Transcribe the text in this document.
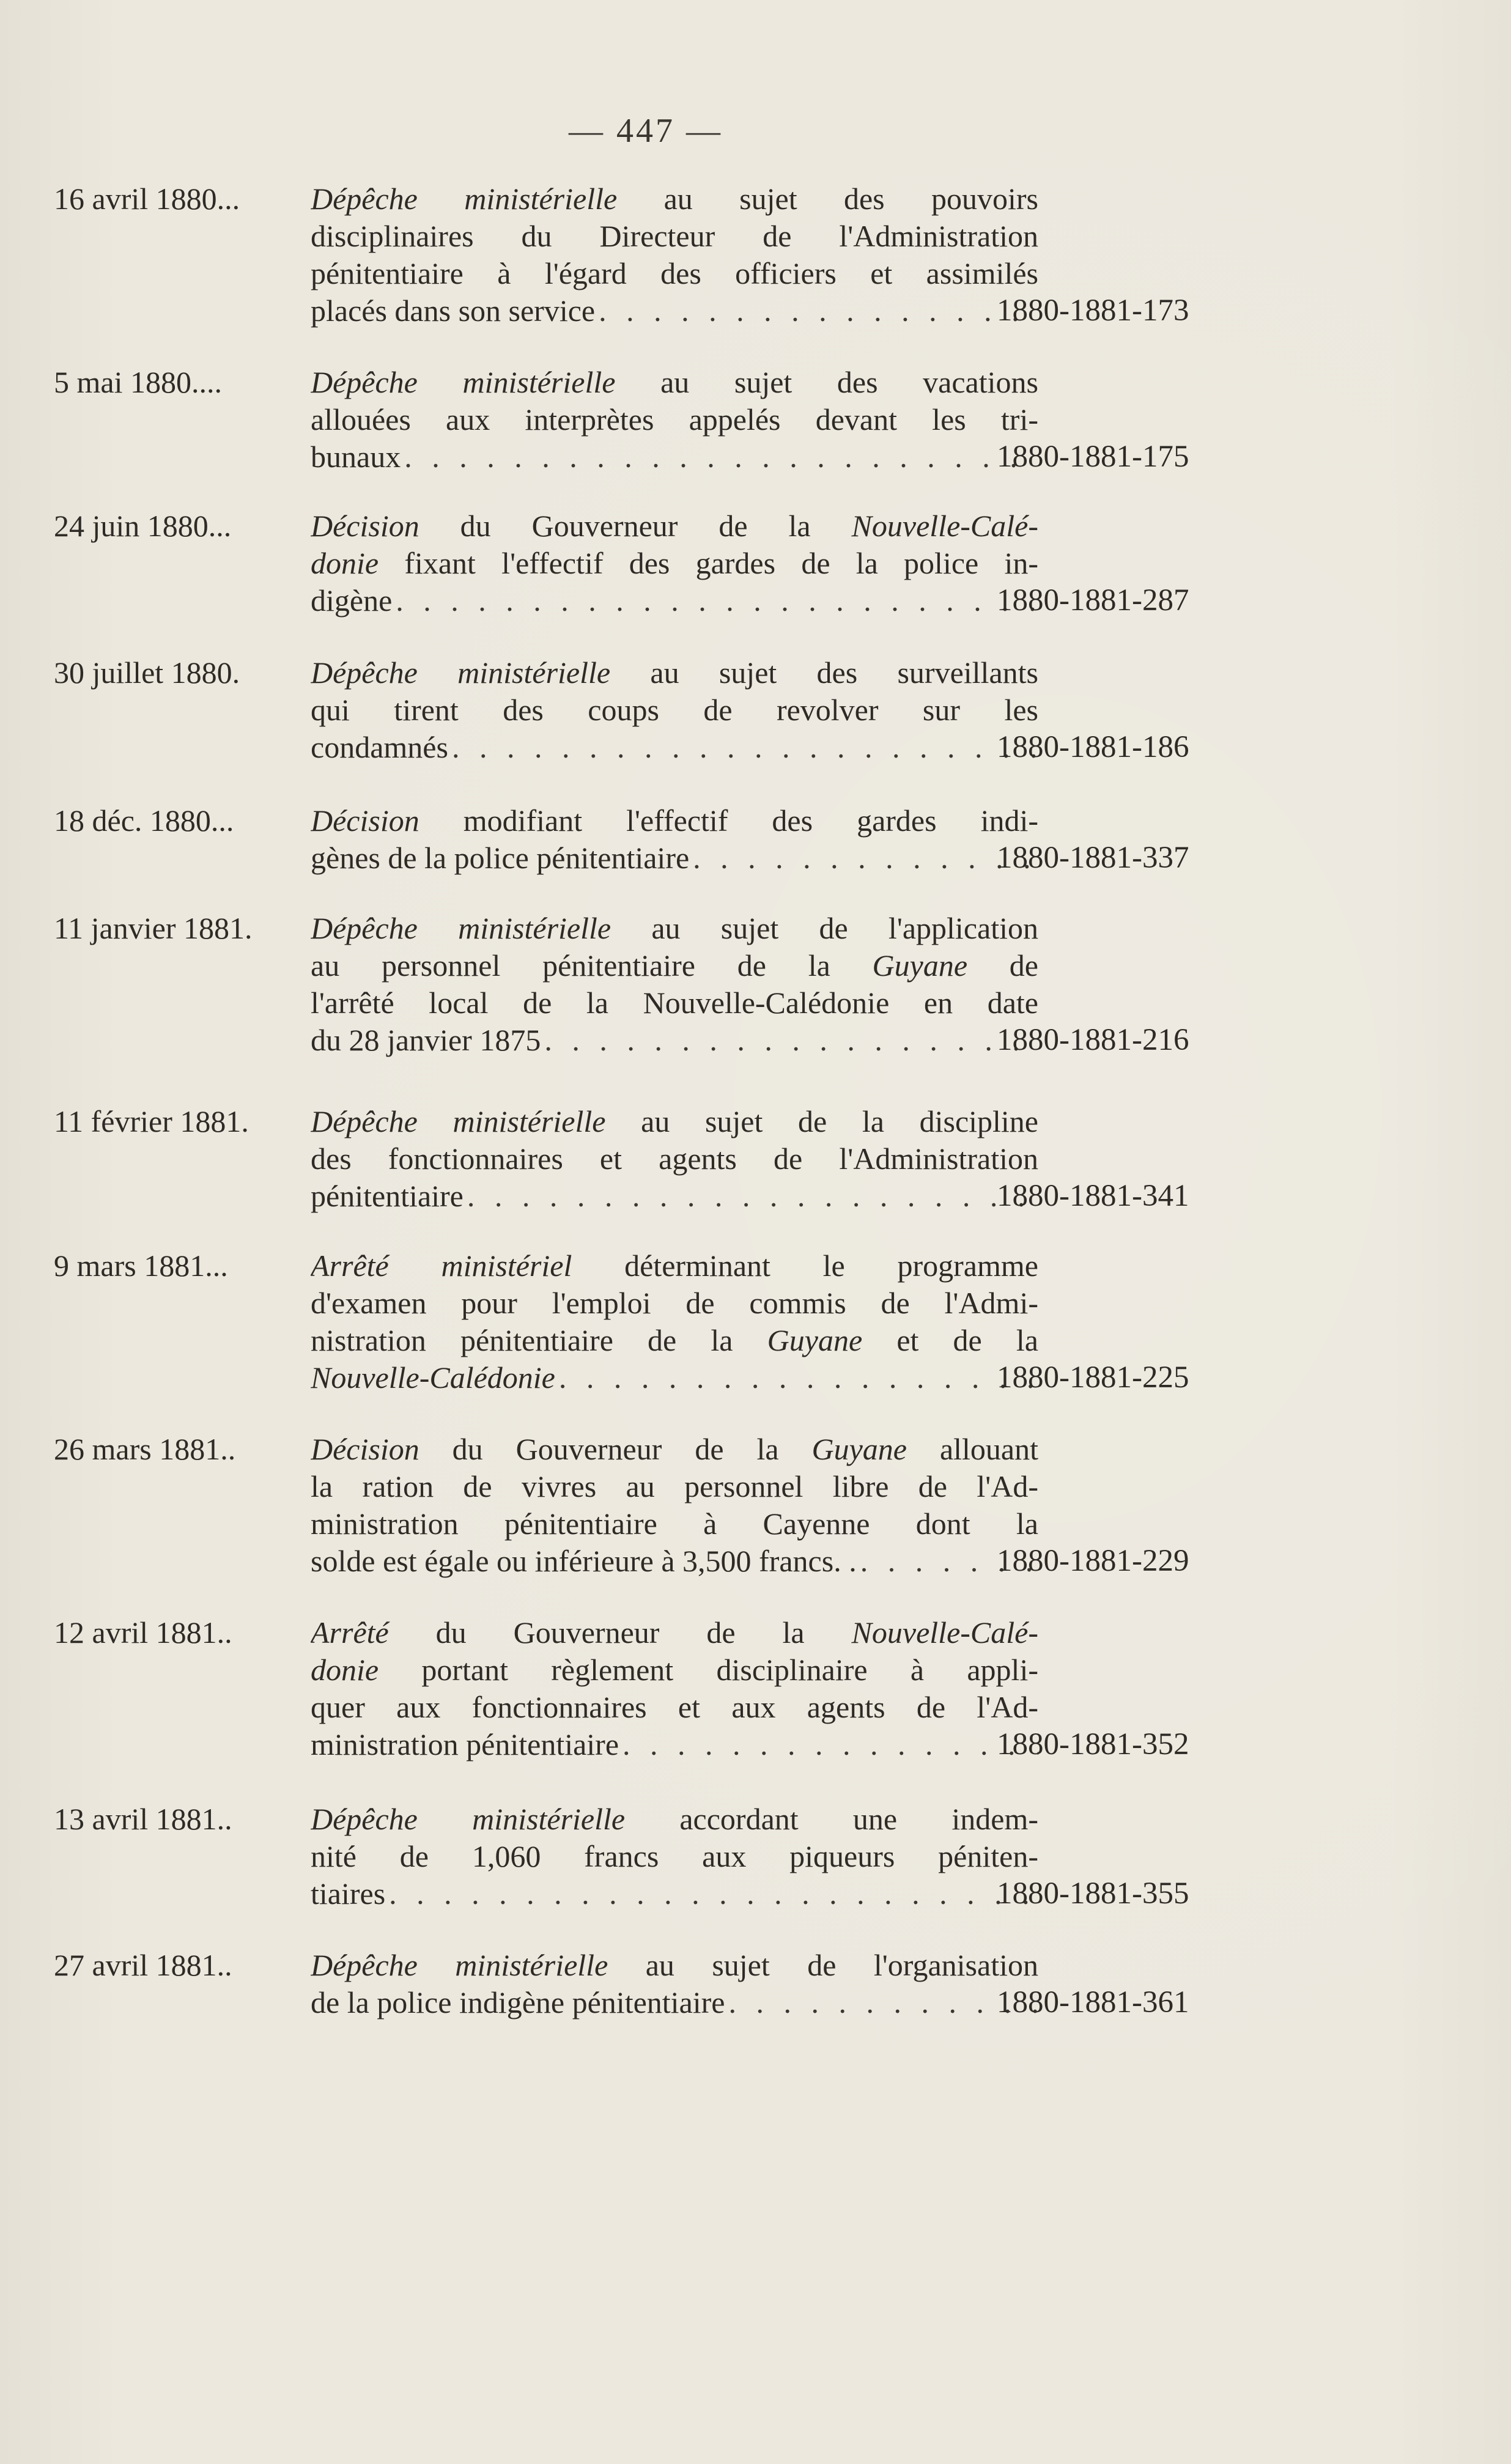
— 447 —
16 avril 1880...	Dépêche ministérielle au sujet des pouvoirs
disciplinaires du Directeur de l'Administration
pénitentiaire à l'égard des officiers et assimilés
placés dans son service . . .	1880-1881-173
5 mai 1880....	Dépêche ministérielle au sujet des vacations
allouées aux interprètes appelés devant les tri-
bunaux . . .	1880-1881-175
24 juin 1880...	Décision du Gouverneur de la Nouvelle-Calé-
donie fixant l'effectif des gardes de la police in-
digène . . .	1880-1881-287
30 juillet 1880.	Dépêche ministérielle au sujet des surveillants
qui tirent des coups de revolver sur les
condamnés . . .	1880-1881-186
18 déc. 1880...	Décision modifiant l'effectif des gardes indi-
gènes de la police pénitentiaire . . .	1880-1881-337
11 janvier 1881.	Dépêche ministérielle au sujet de l'application
au personnel pénitentiaire de la Guyane de
l'arrêté local de la Nouvelle-Calédonie en date
du 28 janvier 1875 . . .	1880-1881-216
11 février 1881.	Dépêche ministérielle au sujet de la discipline
des fonctionnaires et agents de l'Administration
pénitentiaire . . .	1880-1881-341
9 mars 1881...	Arrêté ministériel déterminant le programme
d'examen pour l'emploi de commis de l'Admi-
nistration pénitentiaire de la Guyane et de la
Nouvelle-Calédonie . . .	1880-1881-225
26 mars 1881..	Décision du Gouverneur de la Guyane allouant
la ration de vivres au personnel libre de l'Ad-
ministration pénitentiaire à Cayenne dont la
solde est égale ou inférieure à 3,500 francs. . . . .	1880-1881-229
12 avril 1881..	Arrêté du Gouverneur de la Nouvelle-Calé-
donie portant règlement disciplinaire à appli-
quer aux fonctionnaires et aux agents de l'Ad-
ministration pénitentiaire . . .	1880-1881-352
13 avril 1881..	Dépêche ministérielle accordant une indem-
nité de 1,060 francs aux piqueurs péniten-
tiaires . . .	1880-1881-355
27 avril 1881..	Dépêche ministérielle au sujet de l'organisation
de la police indigène pénitentiaire . . .	1880-1881-361
